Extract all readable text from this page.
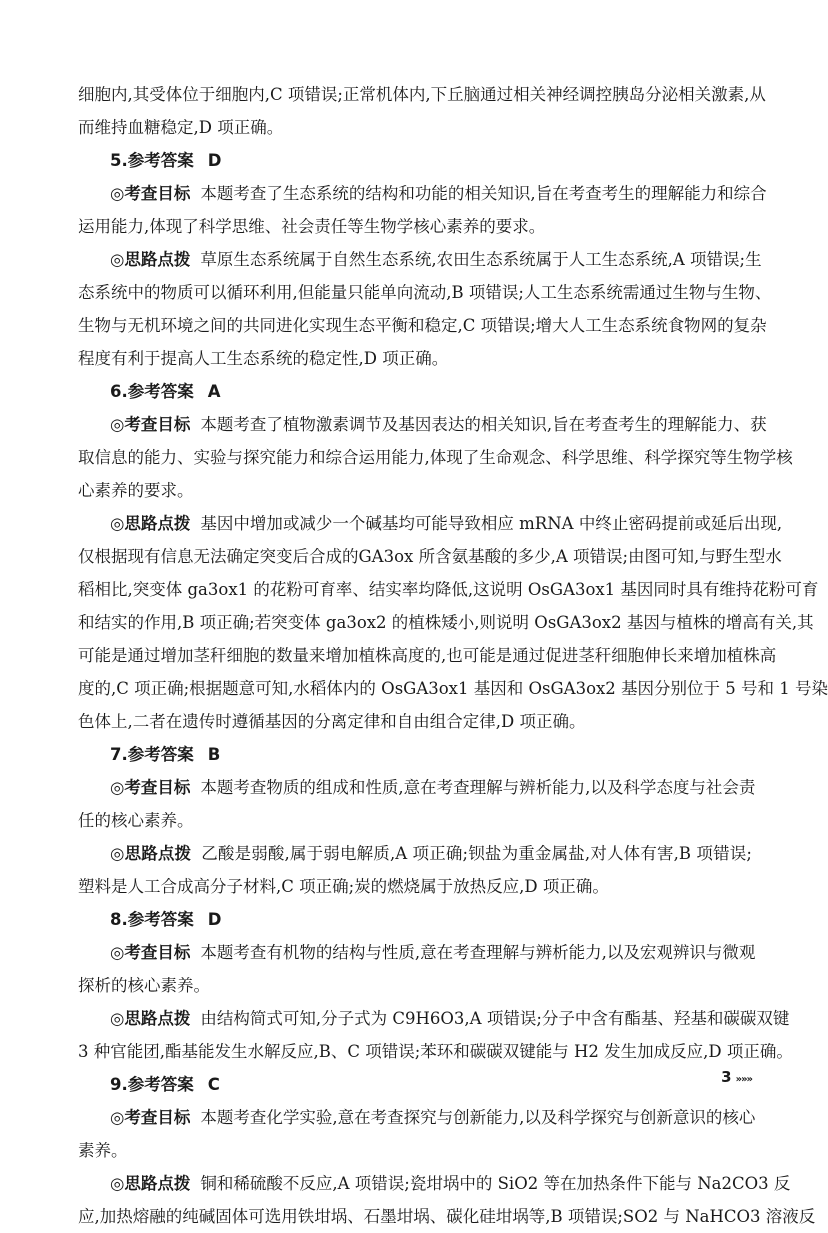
细胞内,其受体位于细胞内,C 项错误;正常机体内,下丘脑通过相关神经调控胰岛分泌相关激素,从
而维持血糖稳定,D 项正确。
5.参考答案 D
◎考查目标 本题考查了生态系统的结构和功能的相关知识,旨在考查考生的理解能力和综合
运用能力,体现了科学思维、社会责任等生物学核心素养的要求。
◎思路点拨 草原生态系统属于自然生态系统,农田生态系统属于人工生态系统,A 项错误;生
态系统中的物质可以循环利用,但能量只能单向流动,B 项错误;人工生态系统需通过生物与生物、
生物与无机环境之间的共同进化实现生态平衡和稳定,C 项错误;增大人工生态系统食物网的复杂
程度有利于提高人工生态系统的稳定性,D 项正确。
6.参考答案 A
◎考查目标 本题考查了植物激素调节及基因表达的相关知识,旨在考查考生的理解能力、获
取信息的能力、实验与探究能力和综合运用能力,体现了生命观念、科学思维、科学探究等生物学核
心素养的要求。
◎思路点拨 基因中增加或减少一个碱基均可能导致相应 mRNA 中终止密码提前或延后出现,
仅根据现有信息无法确定突变后合成的GA3ox 所含氨基酸的多少,A 项错误;由图可知,与野生型水
稻相比,突变体 ga3ox1 的花粉可育率、结实率均降低,这说明 OsGA3ox1 基因同时具有维持花粉可育
和结实的作用,B 项正确;若突变体 ga3ox2 的植株矮小,则说明 OsGA3ox2 基因与植株的增高有关,其
可能是通过增加茎秆细胞的数量来增加植株高度的,也可能是通过促进茎秆细胞伸长来增加植株高
度的,C 项正确;根据题意可知,水稻体内的 OsGA3ox1 基因和 OsGA3ox2 基因分别位于 5 号和 1 号染
色体上,二者在遗传时遵循基因的分离定律和自由组合定律,D 项正确。
7.参考答案 B
◎考查目标 本题考查物质的组成和性质,意在考查理解与辨析能力,以及科学态度与社会责
任的核心素养。
◎思路点拨 乙酸是弱酸,属于弱电解质,A 项正确;钡盐为重金属盐,对人体有害,B 项错误;
塑料是人工合成高分子材料,C 项正确;炭的燃烧属于放热反应,D 项正确。
8.参考答案 D
◎考查目标 本题考查有机物的结构与性质,意在考查理解与辨析能力,以及宏观辨识与微观
探析的核心素养。
◎思路点拨 由结构简式可知,分子式为 C9H6O3,A 项错误;分子中含有酯基、羟基和碳碳双键
3 种官能团,酯基能发生水解反应,B、C 项错误;苯环和碳碳双键能与 H2 发生加成反应,D 项正确。
9.参考答案 C
◎考查目标 本题考查化学实验,意在考查探究与创新能力,以及科学探究与创新意识的核心
素养。
◎思路点拨 铜和稀硫酸不反应,A 项错误;瓷坩埚中的 SiO2 等在加热条件下能与 Na2CO3 反
应,加热熔融的纯碱固体可选用铁坩埚、石墨坩埚、碳化硅坩埚等,B 项错误;SO2 与 NaHCO3 溶液反
3 »»»
